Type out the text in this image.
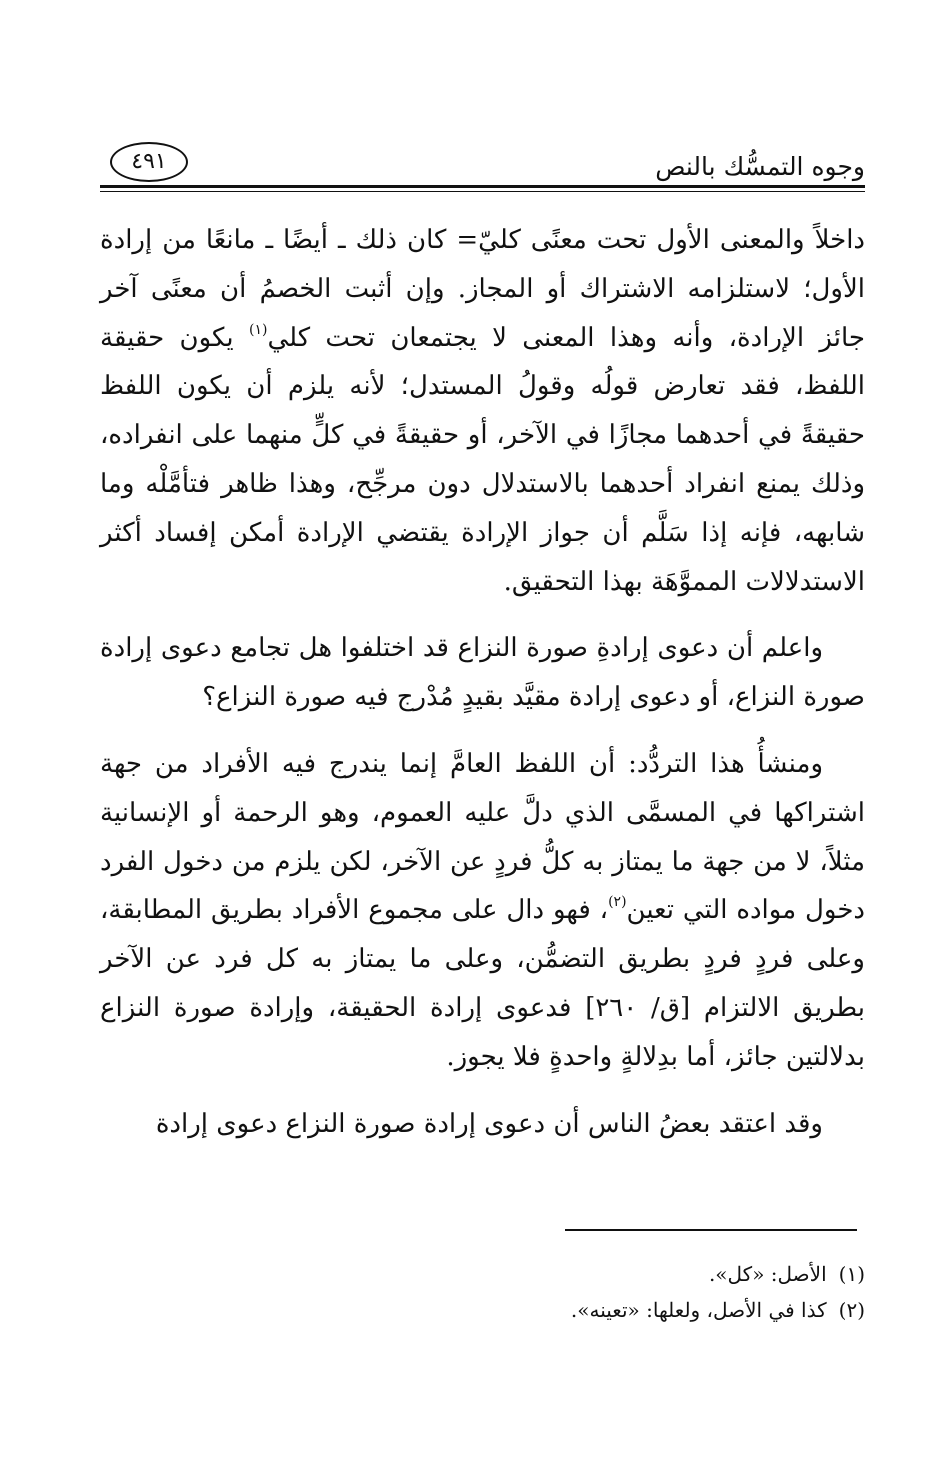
وجوه التمسُّك بالنص
٤٩١

داخلاً والمعنى الأول تحت معنًى كليّ= كان ذلك ـ أيضًا ـ مانعًا من إرادة الأول؛ لاستلزامه الاشتراك أو المجاز. وإن أثبت الخصمُ أن معنًى آخر جائز الإرادة، وأنه وهذا المعنى لا يجتمعان تحت كلي$^{(١)}$ يكون حقيقة اللفظ، فقد تعارض قولُه وقولُ المستدل؛ لأنه يلزم أن يكون اللفظ حقيقةً في أحدهما مجازًا في الآخر، أو حقيقةً في كلٍّ منهما على انفراده، وذلك يمنع انفراد أحدهما بالاستدلال دون مرجِّح، وهذا ظاهر فتأمَّلْه وما شابهه، فإنه إذا سَلَّم أن جواز الإرادة يقتضي الإرادة أمكن إفساد أكثر الاستدلالات المموَّهَة بهذا التحقيق.

واعلم أن دعوى إرادةِ صورة النزاع قد اختلفوا هل تجامع دعوى إرادة صورة النزاع، أو دعوى إرادة مقيَّد بقيدٍ مُدْرج فيه صورة النزاع؟

ومنشأُ هذا التردُّد: أن اللفظ العامَّ إنما يندرج فيه الأفراد من جهة اشتراكها في المسمَّى الذي دلَّ عليه العموم، وهو الرحمة أو الإنسانية مثلاً، لا من جهة ما يمتاز به كلُّ فردٍ عن الآخر، لكن يلزم من دخول الفرد دخول مواده التي تعين$^{(٢)}$، فهو دال على مجموع الأفراد بطريق المطابقة، وعلى فردٍ فردٍ بطريق التضمُّن، وعلى ما يمتاز به كل فرد عن الآخر بطريق الالتزام [ق/ ٢٦٠] فدعوى إرادة الحقيقة، وإرادة صورة النزاع بدلالتين جائز، أما بدِلالةٍ واحدةٍ فلا يجوز.

وقد اعتقد بعضُ الناس أن دعوى إرادة صورة النزاع دعوى إرادة

(١)الأصل: «كل».
(٢)كذا في الأصل، ولعلها: «تعينه».
